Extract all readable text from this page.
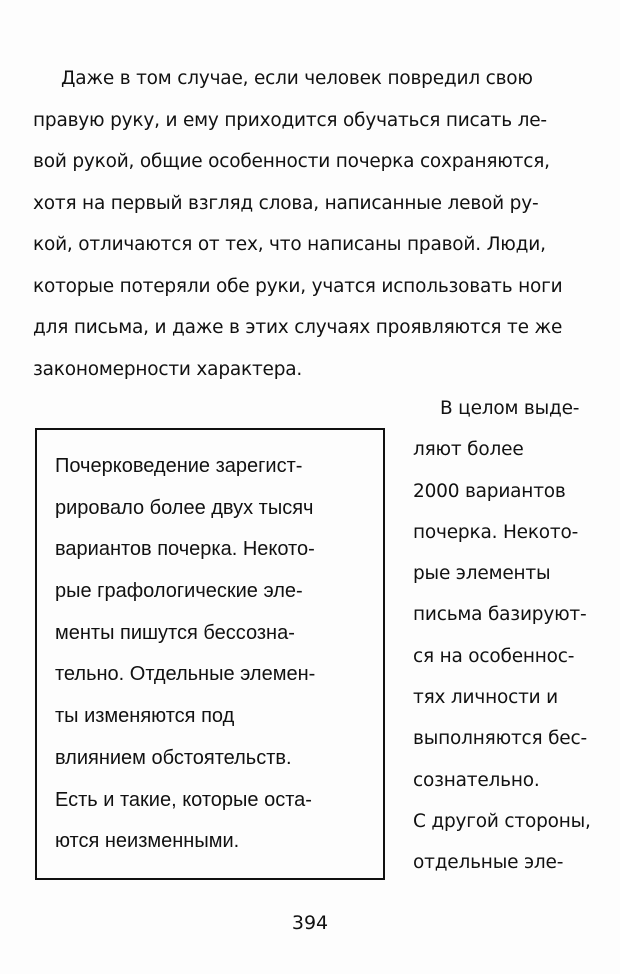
Даже в том случае, если человек повредил свою
правую руку, и ему приходится обучаться писать ле-
вой рукой, общие особенности почерка сохраняются,
хотя на первый взгляд слова, написанные левой ру-
кой, отличаются от тех, что написаны правой. Люди,
которые потеряли обе руки, учатся использовать ноги
для письма, и даже в этих случаях проявляются те же
закономерности характера.

Почерковедение зарегист-
рировало более двух тысяч
вариантов почерка. Некото-
рые графологические эле-
менты пишутся бессозна-
тельно. Отдельные элемен-
ты изменяются под
влиянием обстоятельств.
Есть и такие, которые оста-
ются неизменными.

В целом выде-
ляют более
2000 вариантов
почерка. Некото-
рые элементы
письма базируют-
ся на особеннос-
тях личности и
выполняются бес-
сознательно.
С другой стороны,
отдельные эле-

394
